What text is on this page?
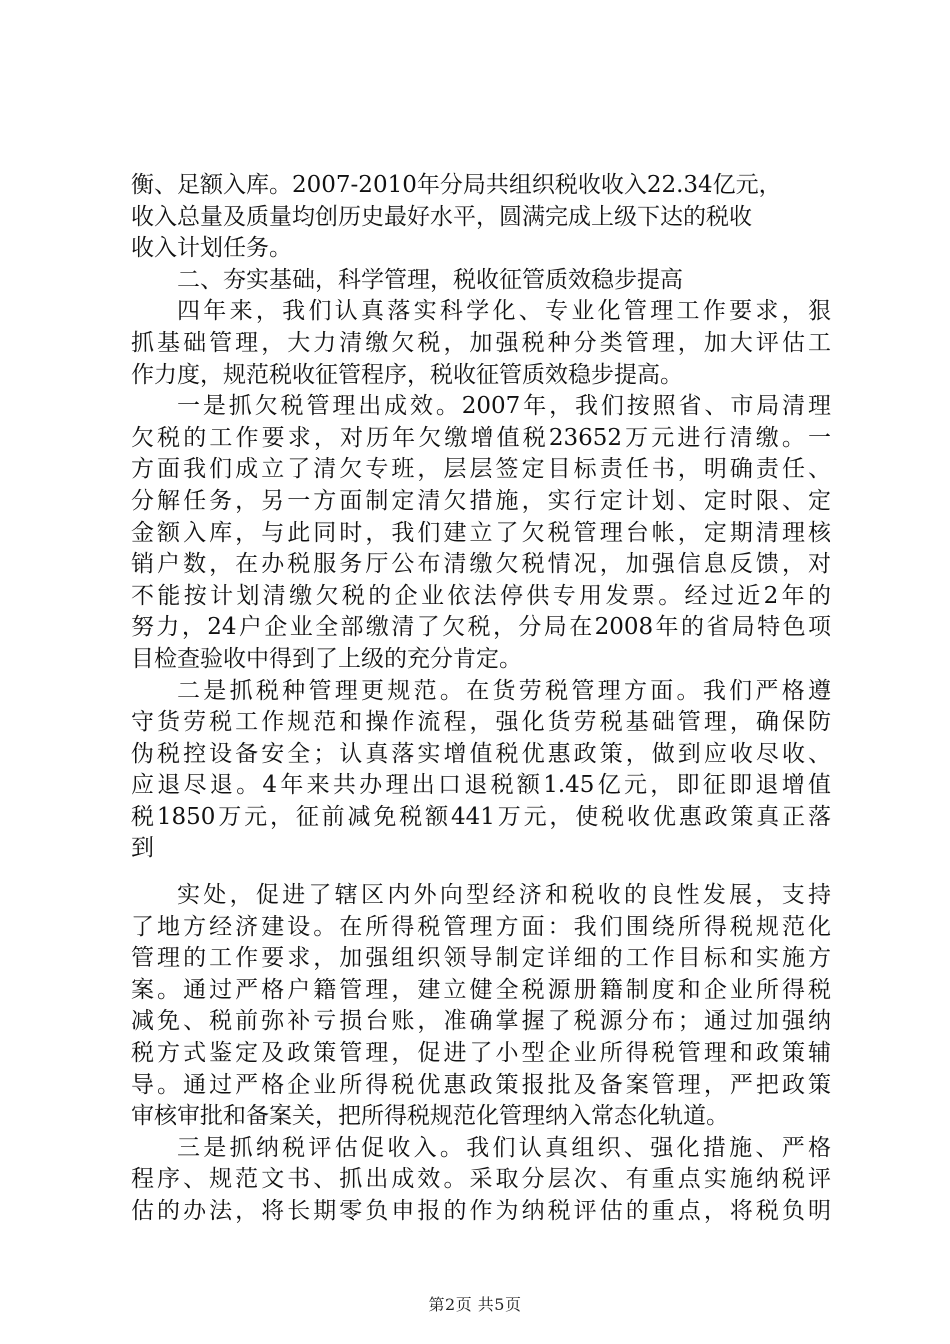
衡、足额入库。2007-2010年分局共组织税收收入22.34亿元，
收入总量及质量均创历史最好水平，圆满完成上级下达的税收
收入计划任务。
二、夯实基础，科学管理，税收征管质效稳步提高
四年来，我们认真落实科学化、专业化管理工作要求，狠
抓基础管理，大力清缴欠税，加强税种分类管理，加大评估工
作力度，规范税收征管程序，税收征管质效稳步提高。
一是抓欠税管理出成效。2007年，我们按照省、市局清理
欠税的工作要求，对历年欠缴增值税23652万元进行清缴。一
方面我们成立了清欠专班，层层签定目标责任书，明确责任、
分解任务，另一方面制定清欠措施，实行定计划、定时限、定
金额入库，与此同时，我们建立了欠税管理台帐，定期清理核
销户数，在办税服务厅公布清缴欠税情况，加强信息反馈，对
不能按计划清缴欠税的企业依法停供专用发票。经过近2年的
努力，24户企业全部缴清了欠税，分局在2008年的省局特色项
目检查验收中得到了上级的充分肯定。
二是抓税种管理更规范。在货劳税管理方面。我们严格遵
守货劳税工作规范和操作流程，强化货劳税基础管理，确保防
伪税控设备安全；认真落实增值税优惠政策，做到应收尽收、
应退尽退。4年来共办理出口退税额1.45亿元，即征即退增值
税1850万元，征前减免税额441万元，使税收优惠政策真正落
到
实处，促进了辖区内外向型经济和税收的良性发展，支持
了地方经济建设。在所得税管理方面：我们围绕所得税规范化
管理的工作要求，加强组织领导制定详细的工作目标和实施方
案。通过严格户籍管理，建立健全税源册籍制度和企业所得税
减免、税前弥补亏损台账，准确掌握了税源分布；通过加强纳
税方式鉴定及政策管理，促进了小型企业所得税管理和政策辅
导。通过严格企业所得税优惠政策报批及备案管理，严把政策
审核审批和备案关，把所得税规范化管理纳入常态化轨道。
三是抓纳税评估促收入。我们认真组织、强化措施、严格
程序、规范文书、抓出成效。采取分层次、有重点实施纳税评
估的办法，将长期零负申报的作为纳税评估的重点，将税负明
第2页 共5页
